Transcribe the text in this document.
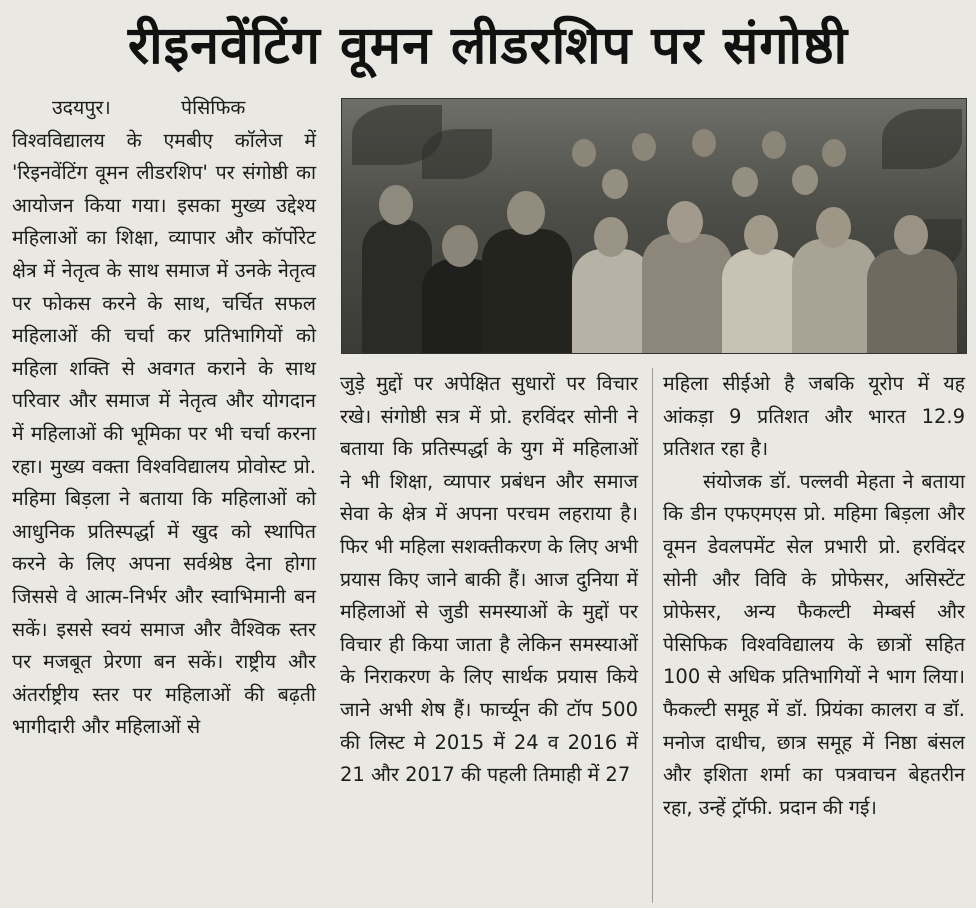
रीइनवेंटिंग वूमन लीडरशिप पर संगोष्ठी

उदयपुर। पेसिफिक
विश्वविद्यालय के एमबीए कॉलेज में 'रिइनवेंटिंग वूमन लीडरशिप' पर संगोष्ठी का आयोजन किया गया। इसका मुख्य उद्देश्य महिलाओं का शिक्षा, व्यापार और कॉर्पोरेट क्षेत्र में नेतृत्व के साथ समाज में उनके नेतृत्व पर फोकस करने के साथ, चर्चित सफल महिलाओं की चर्चा कर प्रतिभागियों को महिला शक्ति से अवगत कराने के साथ परिवार और समाज में नेतृत्व और योगदान में महिलाओं की भूमिका पर भी चर्चा करना रहा। मुख्य वक्ता विश्वविद्यालय प्रोवोस्ट प्रो. महिमा बिड़ला ने बताया कि महिलाओं को आधुनिक प्रतिस्पर्द्धा में खुद को स्थापित करने के लिए अपना सर्वश्रेष्ठ देना होगा जिससे वे आत्म-निर्भर और स्वाभिमानी बन सकें। इससे स्वयं समाज और वैश्विक स्तर पर मजबूत प्रेरणा बन सकें। राष्ट्रीय और अंतर्राष्ट्रीय स्तर पर महिलाओं की बढ़ती भागीदारी और महिलाओं से

जुड़े मुद्दों पर अपेक्षित सुधारों पर विचार रखे। संगोष्ठी सत्र में प्रो. हरविंदर सोनी ने बताया कि प्रतिस्पर्द्धा के युग में महिलाओं ने भी शिक्षा, व्यापार प्रबंधन और समाज सेवा के क्षेत्र में अपना परचम लहराया है। फिर भी महिला सशक्तीकरण के लिए अभी प्रयास किए जाने बाकी हैं। आज दुनिया में महिलाओं से जुडी समस्याओं के मुद्दों पर विचार ही किया जाता है लेकिन समस्याओं के निराकरण के लिए सार्थक प्रयास किये जाने अभी शेष हैं। फार्च्यून की टॉप 500 की लिस्ट मे 2015 में 24 व 2016 में 21 और 2017 की पहली तिमाही में 27

महिला सीईओ है जबकि यूरोप में यह आंकड़ा 9 प्रतिशत और भारत 12.9 प्रतिशत रहा है।

संयोजक डॉ. पल्लवी मेहता ने बताया कि डीन एफएमएस प्रो. महिमा बिड़ला और वूमन डेवलपमेंट सेल प्रभारी प्रो. हरविंदर सोनी और विवि के प्रोफेसर, असिस्टेंट प्रोफेसर, अन्य फैकल्टी मेम्बर्स और पेसिफिक विश्वविद्यालय के छात्रों सहित 100 से अधिक प्रतिभागियों ने भाग लिया। फैकल्टी समूह में डॉ. प्रियंका कालरा व डॉ. मनोज दाधीच, छात्र समूह में निष्ठा बंसल और इशिता शर्मा का पत्रवाचन बेहतरीन रहा, उन्हें ट्रॉफी. प्रदान की गई।
